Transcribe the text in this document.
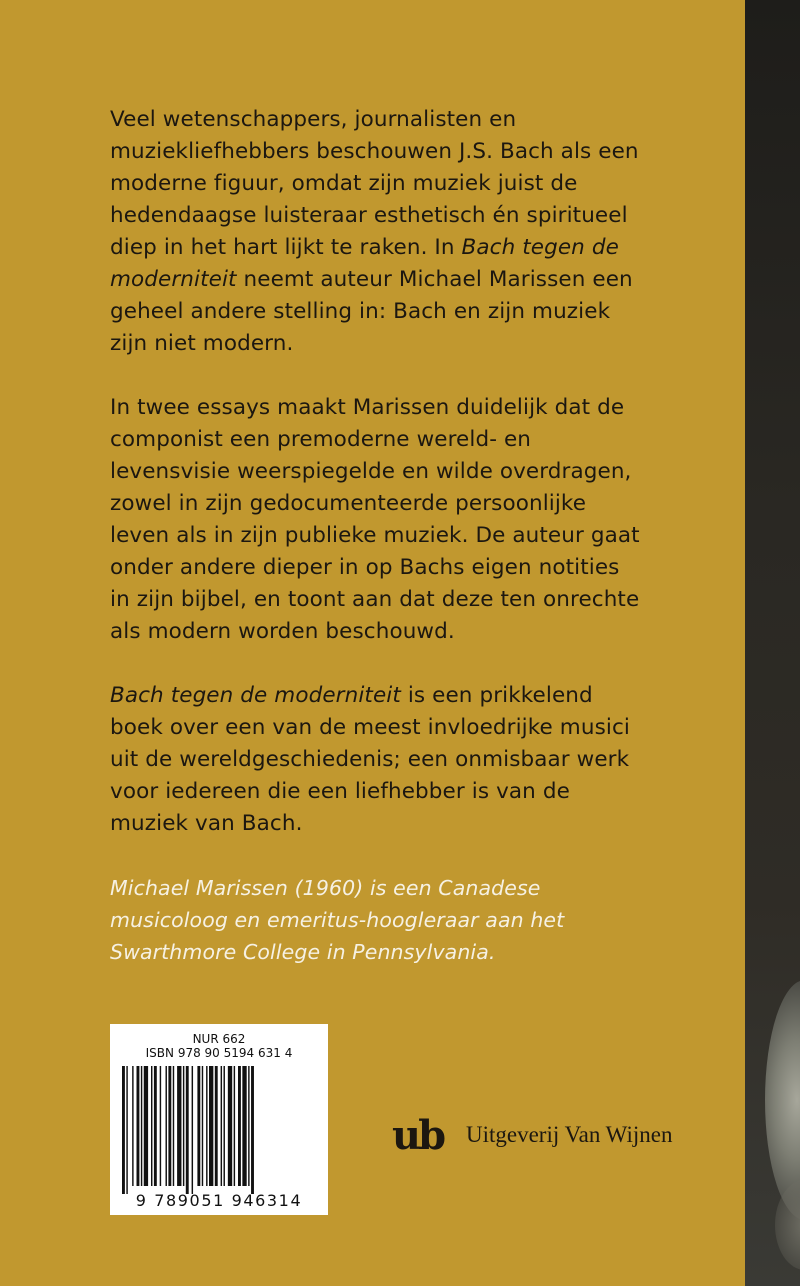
Veel wetenschappers, journalisten en muziekliefhebbers beschouwen J.S. Bach als een moderne figuur, omdat zijn muziek juist de hedendaagse luisteraar esthetisch én spiritueel diep in het hart lijkt te raken. In Bach tegen de moderniteit neemt auteur Michael Marissen een geheel andere stelling in: Bach en zijn muziek zijn niet modern.

In twee essays maakt Marissen duidelijk dat de componist een premoderne wereld- en levensvisie weerspiegelde en wilde overdragen, zowel in zijn gedocumenteerde persoonlijke leven als in zijn publieke muziek. De auteur gaat onder andere dieper in op Bachs eigen notities in zijn bijbel, en toont aan dat deze ten onrechte als modern worden beschouwd.

Bach tegen de moderniteit is een prikkelend boek over een van de meest invloedrijke musici uit de wereldgeschiedenis; een onmisbaar werk voor iedereen die een liefhebber is van de muziek van Bach.

Michael Marissen (1960) is een Canadese musicoloog en emeritus-hoogleraar aan het Swarthmore College in Pennsylvania.

NUR 662
ISBN 978 90 5194 631 4
9 789051 946314
ub Uitgeverij Van Wijnen
